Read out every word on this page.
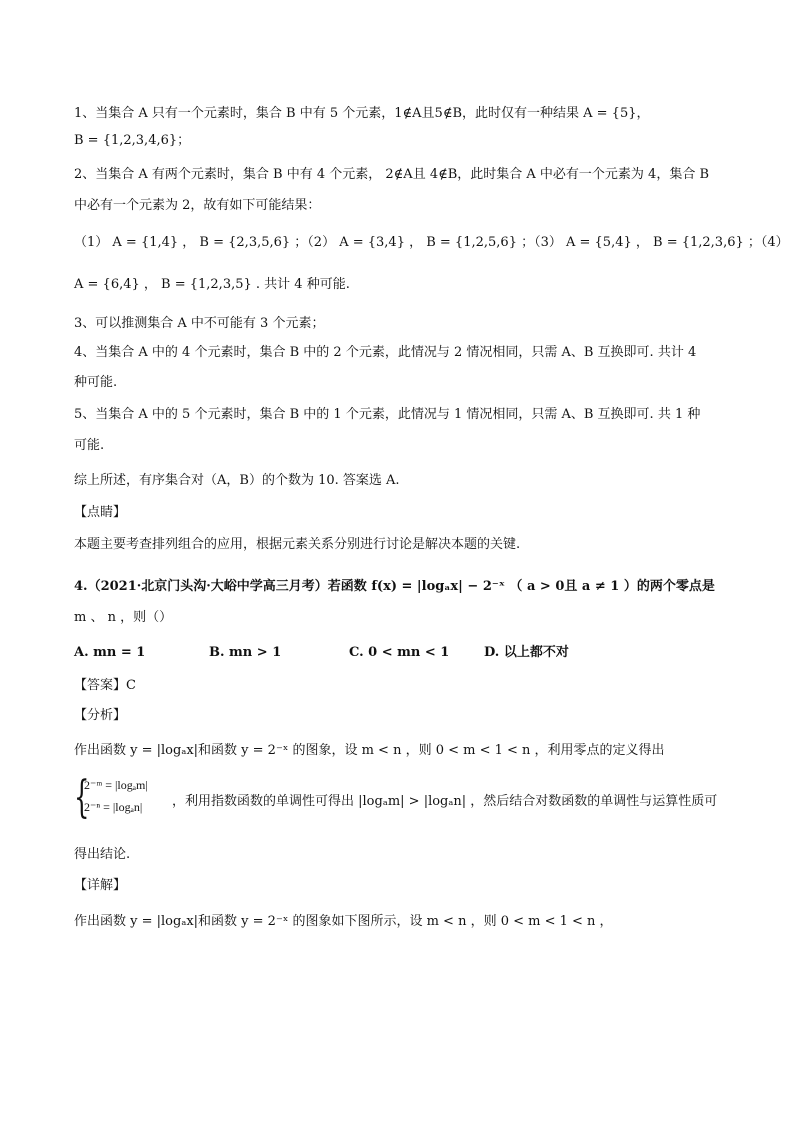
1、当集合 A 只有一个元素时，集合 B 中有 5 个元素，1∉A且5∉B，此时仅有一种结果 A = {5}，
B = {1,2,3,4,6}；
2、当集合 A 有两个元素时，集合 B 中有 4 个元素， 2∉A且 4∉B，此时集合 A 中必有一个元素为 4，集合 B
中必有一个元素为 2，故有如下可能结果：
（1） A = {1,4} ， B = {2,3,5,6} ；（2） A = {3,4} ， B = {1,2,5,6} ；（3） A = {5,4} ， B = {1,2,3,6} ；（4）
A = {6,4} ， B = {1,2,3,5} . 共计 4 种可能.
3、可以推测集合 A 中不可能有 3 个元素；
4、当集合 A 中的 4 个元素时，集合 B 中的 2 个元素，此情况与 2 情况相同，只需 A、B 互换即可. 共计 4
种可能.
5、当集合 A 中的 5 个元素时，集合 B 中的 1 个元素，此情况与 1 情况相同，只需 A、B 互换即可. 共 1 种
可能.
综上所述，有序集合对（A，B）的个数为 10. 答案选 A.
【点睛】
本题主要考查排列组合的应用，根据元素关系分别进行讨论是解决本题的关键.
4.（2021·北京门头沟·大峪中学高三月考）若函数 f(x) = |logₐx| − 2⁻ˣ （ a > 0且 a ≠ 1 ）的两个零点是
m 、 n ，则（）
A. mn = 1	B. mn > 1	C. 0 < mn < 1	D. 以上都不对
【答案】C
【分析】
作出函数 y = |logₐx|和函数 y = 2⁻ˣ 的图象，设 m < n ，则 0 < m < 1 < n ，利用零点的定义得出
{
2⁻ᵐ = |logₐm|
2⁻ⁿ = |logₐn| ，利用指数函数的单调性可得出 |logₐm| > |logₐn| ，然后结合对数函数的单调性与运算性质可
得出结论.
【详解】
作出函数 y = |logₐx|和函数 y = 2⁻ˣ 的图象如下图所示，设 m < n ，则 0 < m < 1 < n ，
